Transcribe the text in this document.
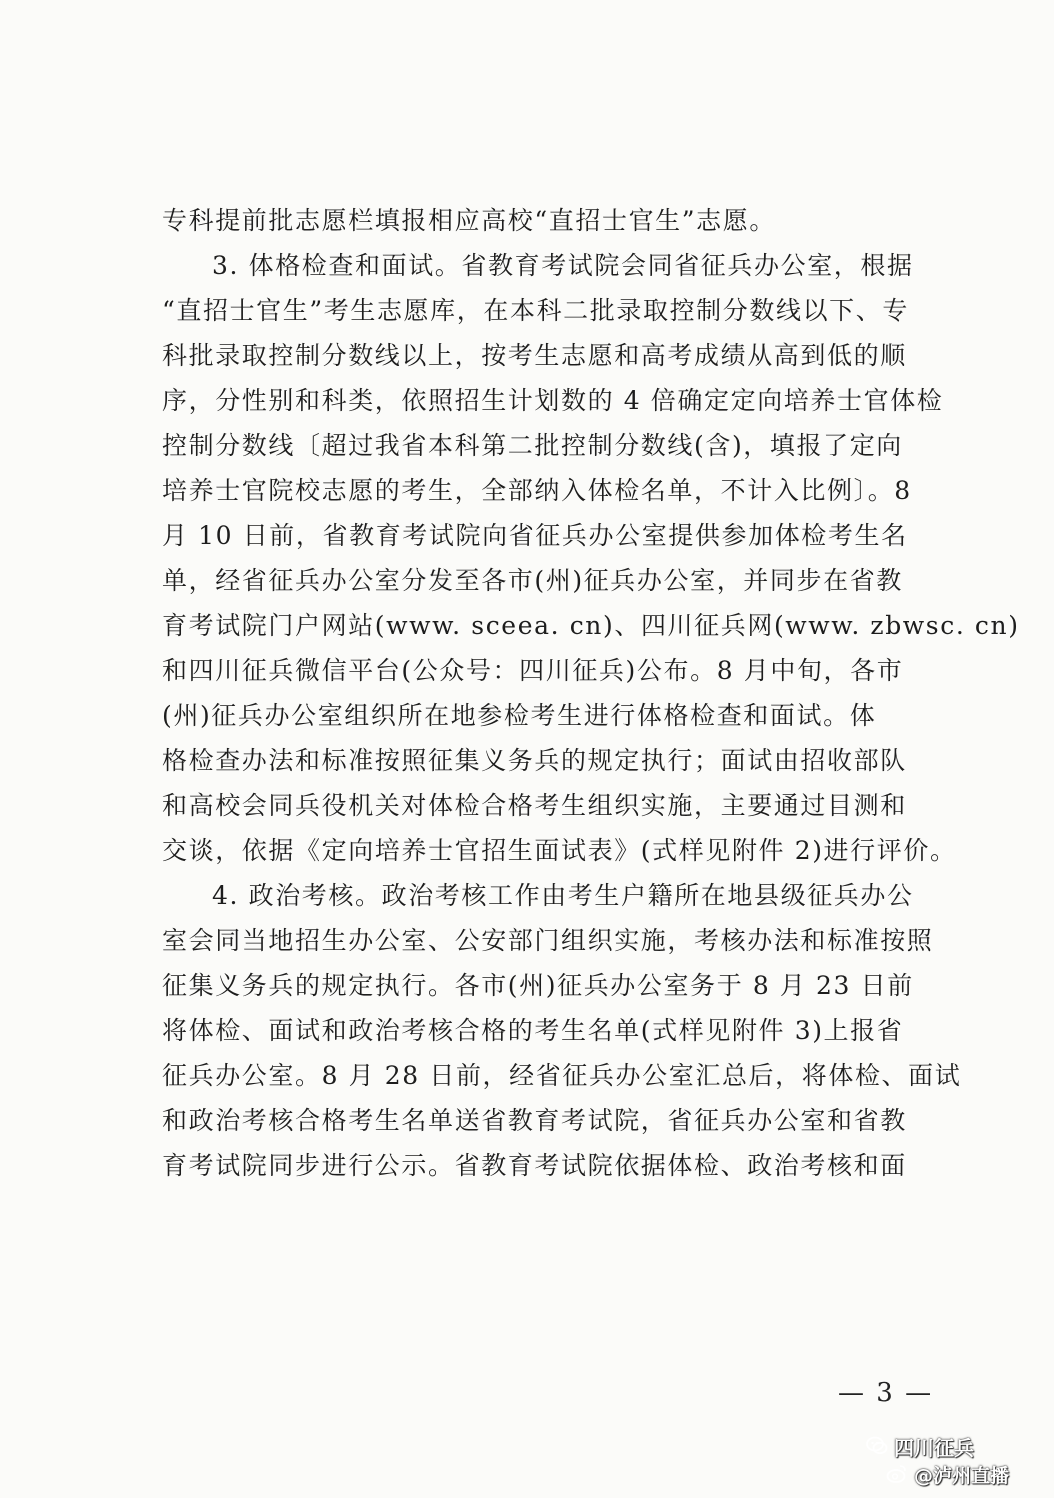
专科提前批志愿栏填报相应高校“直招士官生”志愿。
3. 体格检查和面试。省教育考试院会同省征兵办公室，根据
“直招士官生”考生志愿库，在本科二批录取控制分数线以下、专
科批录取控制分数线以上，按考生志愿和高考成绩从高到低的顺
序，分性别和科类，依照招生计划数的 4 倍确定定向培养士官体检
控制分数线〔超过我省本科第二批控制分数线(含)，填报了定向
培养士官院校志愿的考生，全部纳入体检名单，不计入比例〕。8
月 10 日前，省教育考试院向省征兵办公室提供参加体检考生名
单，经省征兵办公室分发至各市(州)征兵办公室，并同步在省教
育考试院门户网站(www. sceea. cn)、四川征兵网(www. zbwsc. cn)
和四川征兵微信平台(公众号：四川征兵)公布。8 月中旬，各市
(州)征兵办公室组织所在地参检考生进行体格检查和面试。体
格检查办法和标准按照征集义务兵的规定执行；面试由招收部队
和高校会同兵役机关对体检合格考生组织实施，主要通过目测和
交谈，依据《定向培养士官招生面试表》(式样见附件 2)进行评价。
4. 政治考核。政治考核工作由考生户籍所在地县级征兵办公
室会同当地招生办公室、公安部门组织实施，考核办法和标准按照
征集义务兵的规定执行。各市(州)征兵办公室务于 8 月 23 日前
将体检、面试和政治考核合格的考生名单(式样见附件 3)上报省
征兵办公室。8 月 28 日前，经省征兵办公室汇总后，将体检、面试
和政治考核合格考生名单送省教育考试院，省征兵办公室和省教
育考试院同步进行公示。省教育考试院依据体检、政治考核和面
— 3 —
四川征兵
@泸州直播
